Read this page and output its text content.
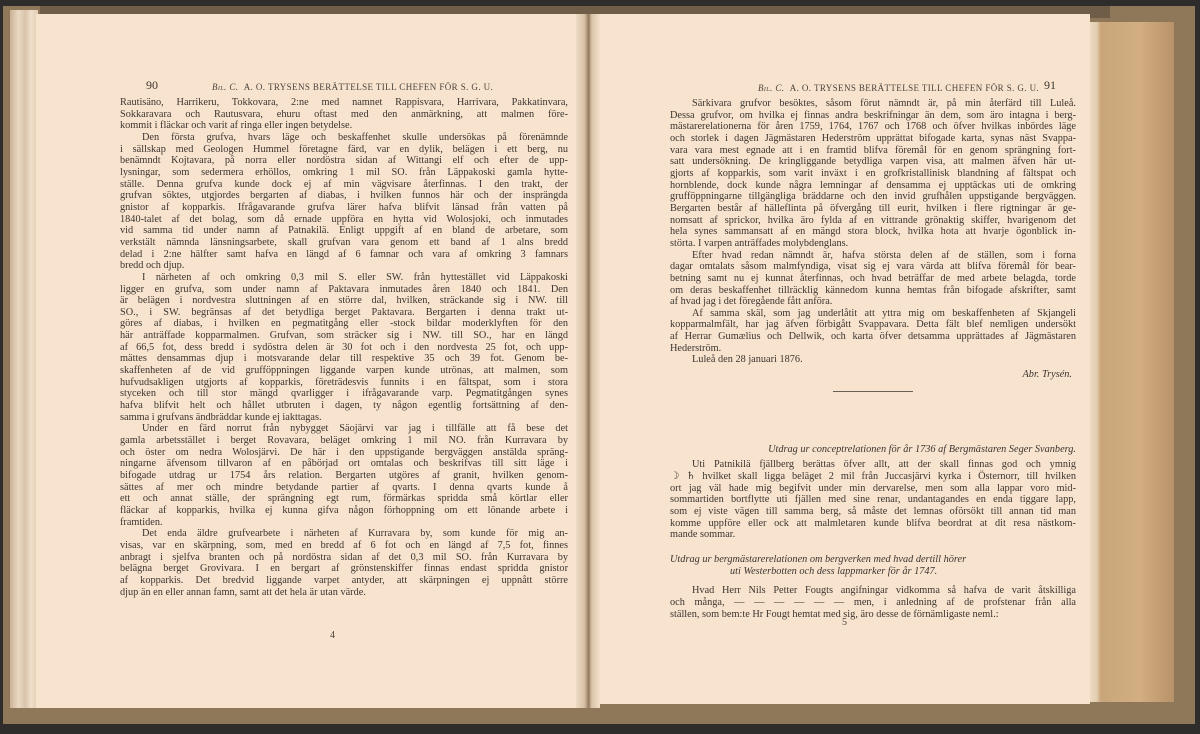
90	Bil. C. A. O. TRYSENS BERÄTTELSE TILL CHEFEN FÖR S. G. U.
Rautisäno, Harrikeru, Tokkovara, 2:ne med namnet Rappisvara, Harrivara, Pakkatinvara,
Sokkaravara och Rautusvara, ehuru oftast med den anmärkning, att malmen före-
kommit i fläckar och varit af ringa eller ingen betydelse.
Den första grufva, hvars läge och beskaffenhet skulle undersökas på förenämnde
i sällskap med Geologen Hummel företagne färd, var en dylik, belägen i ett berg, nu
benämndt Kojtavara, på norra eller nordöstra sidan af Wittangi elf och efter de upp-
lysningar, som sedermera erhöllos, omkring 1 mil SO. från Läppakoski gamla hytte-
ställe. Denna grufva kunde dock ej af min vägvisare återfinnas. I den trakt, der
grufvan söktes, utgjordes bergarten af diabas, i hvilken funnos här och der insprängda
gnistor af kopparkis. Ifrågavarande grufva lärer hafva blifvit länsad från vatten på
1840-talet af det bolag, som då ernade uppföra en hytta vid Wolosjoki, och inmutades
vid samma tid under namn af Patnakilä. Enligt uppgift af en bland de arbetare, som
verkstält nämnda länsningsarbete, skall grufvan vara genom ett band af 1 alns bredd
delad i 2:ne hälfter samt hafva en längd af 6 famnar och vara af omkring 3 famnars
bredd och djup.
I närheten af och omkring 0,3 mil S. eller SW. från hyttestället vid Läppakoski
ligger en grufva, som under namn af Paktavara inmutades åren 1840 och 1841. Den
är belägen i nordvestra sluttningen af en större dal, hvilken, sträckande sig i NW. till
SO., i SW. begränsas af det betydliga berget Paktavara. Bergarten i denna trakt ut-
göres af diabas, i hvilken en pegmatitgång eller -stock bildar moderklyften för den
här anträffade kopparmalmen. Grufvan, som sträcker sig i NW. till SO., har en längd
af 66,5 fot, dess bredd i sydöstra delen är 30 fot och i den nordvesta 25 fot, och upp-
mättes densammas djup i motsvarande delar till respektive 35 och 39 fot. Genom be-
skaffenheten af de vid grufföppningen liggande varpen kunde utrönas, att malmen, som
hufvudsakligen utgjorts af kopparkis, företrädesvis funnits i en fältspat, som i stora
styceken och till stor mängd qvarligger i ifrågavarande varp. Pegmatitgången synes
hafva blifvit helt och hållet utbruten i dagen, ty någon egentlig fortsättning af den-
samma i grufvans ändbräddar kunde ej iakttagas.
Under en färd norrut från nybygget Säojärvi var jag i tillfälle att få bese det
gamla arbetsstället i berget Rovavara, beläget omkring 1 mil NO. från Kurravara by
och öster om nedra Wolosjärvi. De här i den uppstigande bergväggen anstälda spräng-
ningarne äfvensom tillvaron af en påbörjad ort omtalas och beskrifvas till sitt läge i
bifogade utdrag ur 1754 års relation. Bergarten utgöres af granit, hvilken genom-
sättes af mer och mindre betydande partier af qvarts. I denna qvarts kunde å
ett och annat ställe, der sprängning egt rum, förmärkas spridda små körtlar eller
fläckar af kopparkis, hvilka ej kunna gifva någon förhoppning om ett lönande arbete i
framtiden.
Det enda äldre grufvearbete i närheten af Kurravara by, som kunde för mig an-
visas, var en skärpning, som, med en bredd af 6 fot och en längd af 7,5 fot, finnes
anbragt i sjelfva branten och på nordöstra sidan af det 0,3 mil SO. från Kurravara by
belägna berget Grovivara. I en bergart af grönstenskiffer finnas endast spridda gnistor
af kopparkis. Det bredvid liggande varpet antyder, att skärpningen ej uppnått större
djup än en eller annan famn, samt att det hela är utan värde.
4
Bil. C. A. O. TRYSENS BERÄTTELSE TILL CHEFEN FÖR S. G. U. 91
Särkivara grufvor besöktes, såsom förut nämndt är, på min återfärd till Luleå.
Dessa grufvor, om hvilka ej finnas andra beskrifningar än dem, som äro intagna i berg-
mästarerelationerna för åren 1759, 1764, 1767 och 1768 och öfver hvilkas inbördes läge
och storlek i dagen Jägmästaren Hederström upprättat bifogade karta, synas näst Svappa-
vara vara mest egnade att i en framtid blifva föremål för en genom sprängning fort-
satt undersökning. De kringliggande betydliga varpen visa, att malmen äfven här ut-
gjorts af kopparkis, som varit inväxt i en grofkristallinisk blandning af fältspat och
hornblende, dock kunde några lemningar af densamma ej upptäckas uti de omkring
grufföppningarne tillgängliga bräddarne och den invid grufhålen uppstigande bergväggen.
Bergarten består af hälleflinta på öfvergång till eurit, hvilken i flere rigtningar är ge-
nomsatt af sprickor, hvilka äro fylda af en vittrande grönaktig skiffer, hvarigenom det
hela synes sammansatt af en mängd stora block, hvilka hota att hvarje ögonblick in-
störta. I varpen anträffades molybdenglans.
Efter hvad redan nämndt är, hafva största delen af de ställen, som i forna
dagar omtalats såsom malmfyndiga, visat sig ej vara värda att blifva föremål för bear-
betning samt nu ej kunnat återfinnas, och hvad beträffar de med arbete belagda, torde
om deras beskaffenhet tillräcklig kännedom kunna hemtas från bifogade afskrifter, samt
af hvad jag i det föregående fått anföra.
Af samma skäl, som jag underlåtit att yttra mig om beskaffenheten af Skjangeli
kopparmalmfält, har jag äfven förbigått Svappavara. Detta fält blef nemligen undersökt
af Herrar Gumælius och Dellwik, och karta öfver detsamma upprättades af Jägmästaren
Hederström.
Luleå den 28 januari 1876.
Abr. Trysén.
Utdrag ur conceptrelationen för år 1736 af Bergmästaren Seger Svanberg.
Uti Patnikilä fjällberg berättas öfver allt, att der skall finnas god och ymnig
☽ ♄ hvilket skall ligga beläget 2 mil från Juccasjärvi kyrka i Östernorr, till hvilken
ort jag väl hade mig begifvit under min dervarelse, men som alla lappar voro mid-
sommartiden bortflytte uti fjällen med sine renar, undantagandes en enda tiggare lapp,
som ej viste vägen till samma berg, så måste det lemnas oförsökt till annan tid man
komme uppföre eller ock att malmletaren kunde blifva beordrat at dit resa nästkom-
mande sommar.
Utdrag ur bergmästarerelationen om bergverken med hvad dertill hörer
uti Westerbotten och dess lappmarker för år 1747.
Hvad Herr Nils Petter Fougts angifningar vidkomma så hafva de varit åtskilliga
och många, — — — — — — men, i anledning af de profstenar från alla
ställen, som bem:te Hr Fougt hemtat med sig, äro desse de förnämligaste neml.:
5
